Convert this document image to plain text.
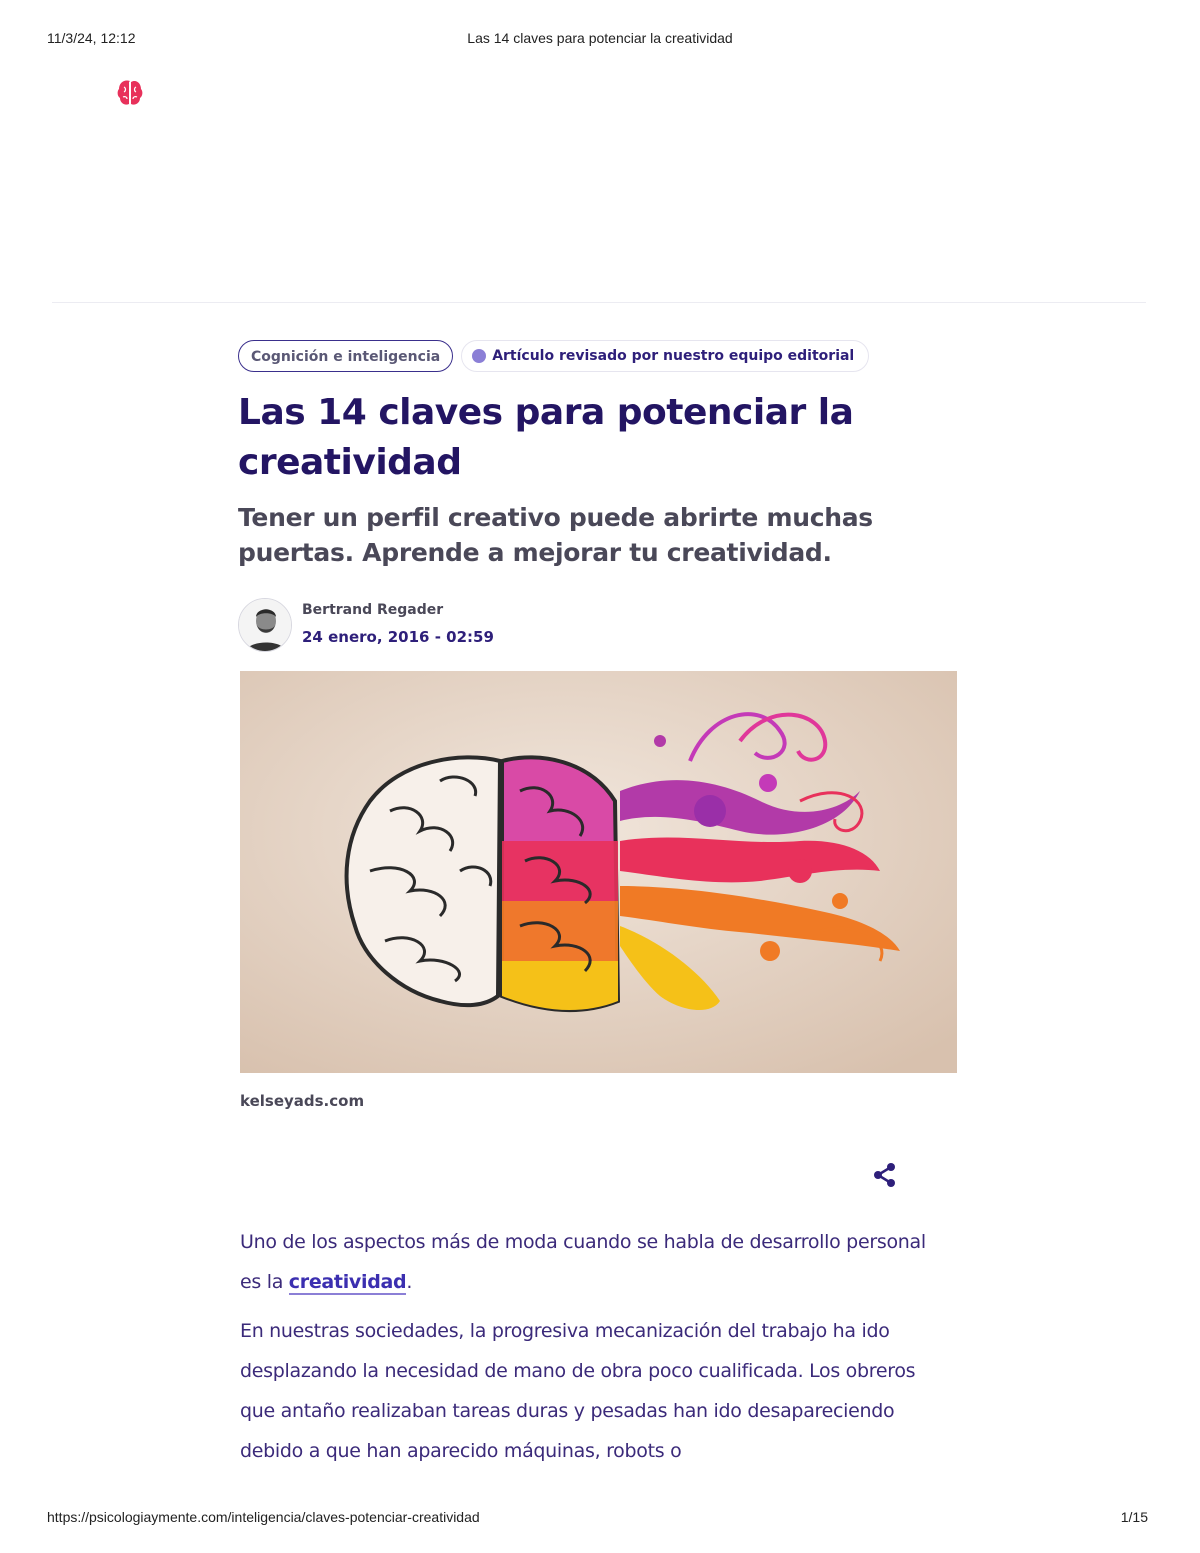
11/3/24, 12:12	Las 14 claves para potenciar la creatividad
Cognición e inteligencia	Artículo revisado por nuestro equipo editorial
Las 14 claves para potenciar la creatividad
Tener un perfil creativo puede abrirte muchas puertas. Aprende a mejorar tu creatividad.
Bertrand Regader
24 enero, 2016 - 02:59
kelseyads.com

Uno de los aspectos más de moda cuando se habla de desarrollo personal es la creatividad.

En nuestras sociedades, la progresiva mecanización del trabajo ha ido desplazando la necesidad de mano de obra poco cualificada. Los obreros que antaño realizaban tareas duras y pesadas han ido desapareciendo debido a que han aparecido máquinas, robots o

https://psicologiaymente.com/inteligencia/claves-potenciar-creatividad	1/15
